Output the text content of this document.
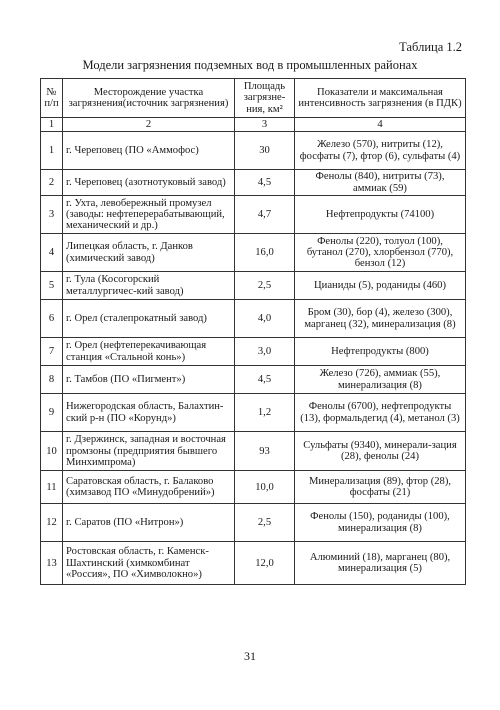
Таблица 1.2
Модели загрязнения подземных вод в промышленных районах
№ п/п	Месторождение участка загрязнения(источник загрязнения)	Площадь загрязне-ния, км²	Показатели и максимальная интенсивность загрязнения (в ПДК)
1	2	3	4
1	г. Череповец (ПО «Аммофос)	30	Железо (570), нитриты (12), фосфаты (7), фтор (6), сульфаты (4)
2	г. Череповец (азотнотуковый завод)	4,5	Фенолы (840), нитриты (73), аммиак (59)
3	г. Ухта, левобережный промузел (заводы: нефтеперерабатывающий, механический и др.)	4,7	Нефтепродукты (74100)
4	Липецкая область, г. Данков (химический завод)	16,0	Фенолы (220), толуол (100), бутанол (270), хлорбензол (770), бензол (12)
5	г. Тула (Косогорский металлургичес-кий завод)	2,5	Цианиды (5), роданиды (460)
6	г. Орел (сталепрокатный завод)	4,0	Бром (30), бор (4), железо (300), марганец (32), минерализация (8)
7	г. Орел (нефтеперекачивающая станция «Стальной конь»)	3,0	Нефтепродукты (800)
8	г. Тамбов (ПО «Пигмент»)	4,5	Железо (726), аммиак (55), минерализация (8)
9	Нижегородская область, Балахтин-ский р-н (ПО «Корунд»)	1,2	Фенолы (6700), нефтепродукты (13), формальдегид (4), метанол (3)
10	г. Дзержинск, западная и восточная промзоны (предприятия бывшего Минхимпрома)	93	Сульфаты (9340), минерали-зация (28), фенолы (24)
11	Саратовская область, г. Балаково (химзавод ПО «Минудобрений»)	10,0	Минерализация (89), фтор (28), фосфаты (21)
12	г. Саратов (ПО «Нитрон»)	2,5	Фенолы (150), роданиды (100), минерализация (8)
13	Ростовская область, г. Каменск-Шахтинский (химкомбинат «Россия», ПО «Химволокно»)	12,0	Алюминий (18), марганец (80), минерализация (5)
31
